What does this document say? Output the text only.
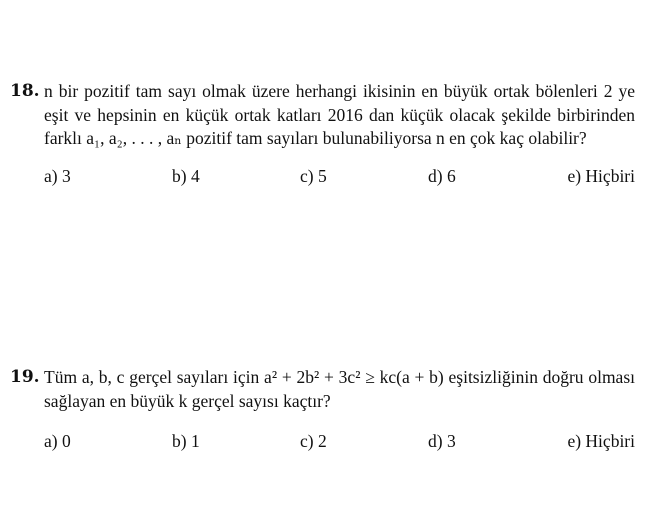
18. n bir pozitif tam sayı olmak üzere herhangi ikisinin en büyük ortak bölenleri 2 ye eşit ve hepsinin en küçük ortak katları 2016 dan küçük olacak şekilde birbirinden farklı a₁, a₂, . . . , aₙ pozitif tam sayıları bulunabiliyorsa n en çok kaç olabilir?
a) 3	b) 4	c) 5	d) 6	e) Hiçbiri
19. Tüm a, b, c gerçel sayıları için a² + 2b² + 3c² ≥ kc(a + b) eşitsizliğinin doğru olması sağlayan en büyük k gerçel sayısı kaçtır?
a) 0	b) 1	c) 2	d) 3	e) Hiçbiri
